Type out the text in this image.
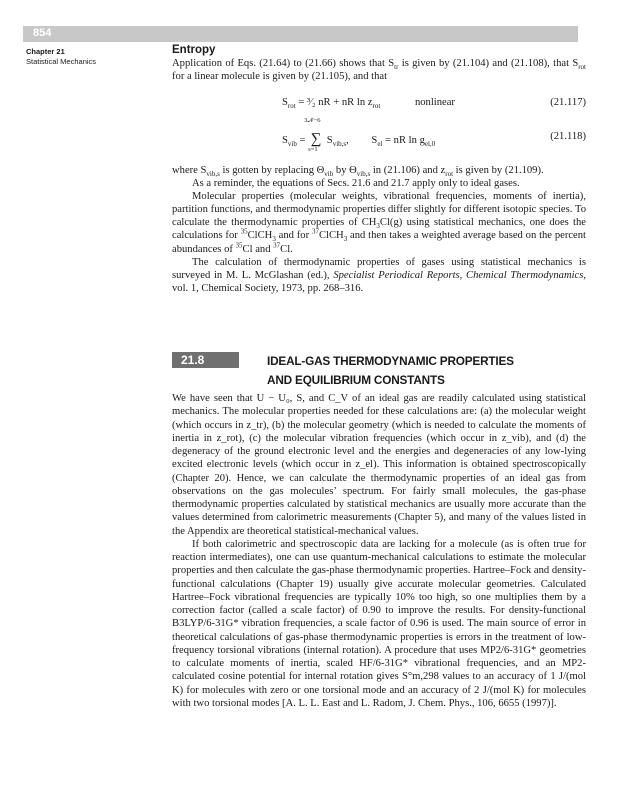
854
Chapter 21
Statistical Mechanics
Entropy

Application of Eqs. (21.64) to (21.66) shows that $S_{tr}$ is given by (21.104) and (21.108), that $S_{rot}$ for a linear molecule is given by (21.105), and that

$S_{rot}$ = ³⁄₂ nR + nR $\ln z_{rot}$	nonlinear	(21.117)
$S_{vib}$ =
3𝒩−6
∑
s=1
$S_{vib,s}$, $S_{el}$ = nR $\ln g_{el,0}$
(21.118)

where $S_{vib,s}$ is gotten by replacing $\Theta_{vib}$ by $\Theta_{vib,s}$ in (21.106) and $z_{rot}$ is given by (21.109).

As a reminder, the equations of Secs. 21.6 and 21.7 apply only to ideal gases.

Molecular properties (molecular weights, vibrational frequencies, moments of inertia), partition functions, and thermodynamic properties differ slightly for different isotopic species. To calculate the thermodynamic properties of $CH_3Cl(g)$ using statistical mechanics, one does the calculations for $^{35}$ClCH$_3$ and for $^{37}$ClCH$_3$ and then takes a weighted average based on the percent abundances of $^{35}$Cl and $^{37}$Cl.

The calculation of thermodynamic properties of gases using statistical mechanics is surveyed in M. L. McGlashan (ed.), Specialist Periodical Reports, Chemical Thermodynamics, vol. 1, Chemical Society, 1973, pp. 268–316.

21.8	IDEAL-GAS THERMODYNAMIC PROPERTIES
AND EQUILIBRIUM CONSTANTS

We have seen that U − U₀, S, and C_V of an ideal gas are readily calculated using statistical mechanics. The molecular properties needed for these calculations are: (a) the molecular weight (which occurs in z_tr), (b) the molecular geometry (which is needed to calculate the moments of inertia in z_rot), (c) the molecular vibration frequencies (which occur in z_vib), and (d) the degeneracy of the ground electronic level and the energies and degeneracies of any low-lying excited electronic levels (which occur in z_el). This information is obtained spectroscopically (Chapter 20). Hence, we can calculate the thermodynamic properties of an ideal gas from observations on the gas molecules’ spectrum. For fairly small molecules, the gas-phase thermodynamic properties calculated by statistical mechanics are usually more accurate than the values determined from calorimetric measurements (Chapter 5), and many of the values listed in the Appendix are theoretical statistical-mechanical values.

If both calorimetric and spectroscopic data are lacking for a molecule (as is often true for reaction intermediates), one can use quantum-mechanical calculations to estimate the molecular properties and then calculate the gas-phase thermodynamic properties. Hartree–Fock and density-functional calculations (Chapter 19) usually give accurate molecular geometries. Calculated Hartree–Fock vibrational frequencies are typically 10% too high, so one multiplies them by a correction factor (called a scale factor) of 0.90 to improve the results. For density-functional B3LYP/6-31G* vibration frequencies, a scale factor of 0.96 is used. The main source of error in theoretical calculations of gas-phase thermodynamic properties is errors in the treatment of low-frequency torsional vibrations (internal rotation). A procedure that uses MP2/6-31G* geometries to calculate moments of inertia, scaled HF/6-31G* vibrational frequencies, and an MP2-calculated cosine potential for internal rotation gives S°m,298 values to an accuracy of 1 J/(mol K) for molecules with zero or one torsional mode and an accuracy of 2 J/(mol K) for molecules with two torsional modes [A. L. L. East and L. Radom, J. Chem. Phys., 106, 6655 (1997)].
